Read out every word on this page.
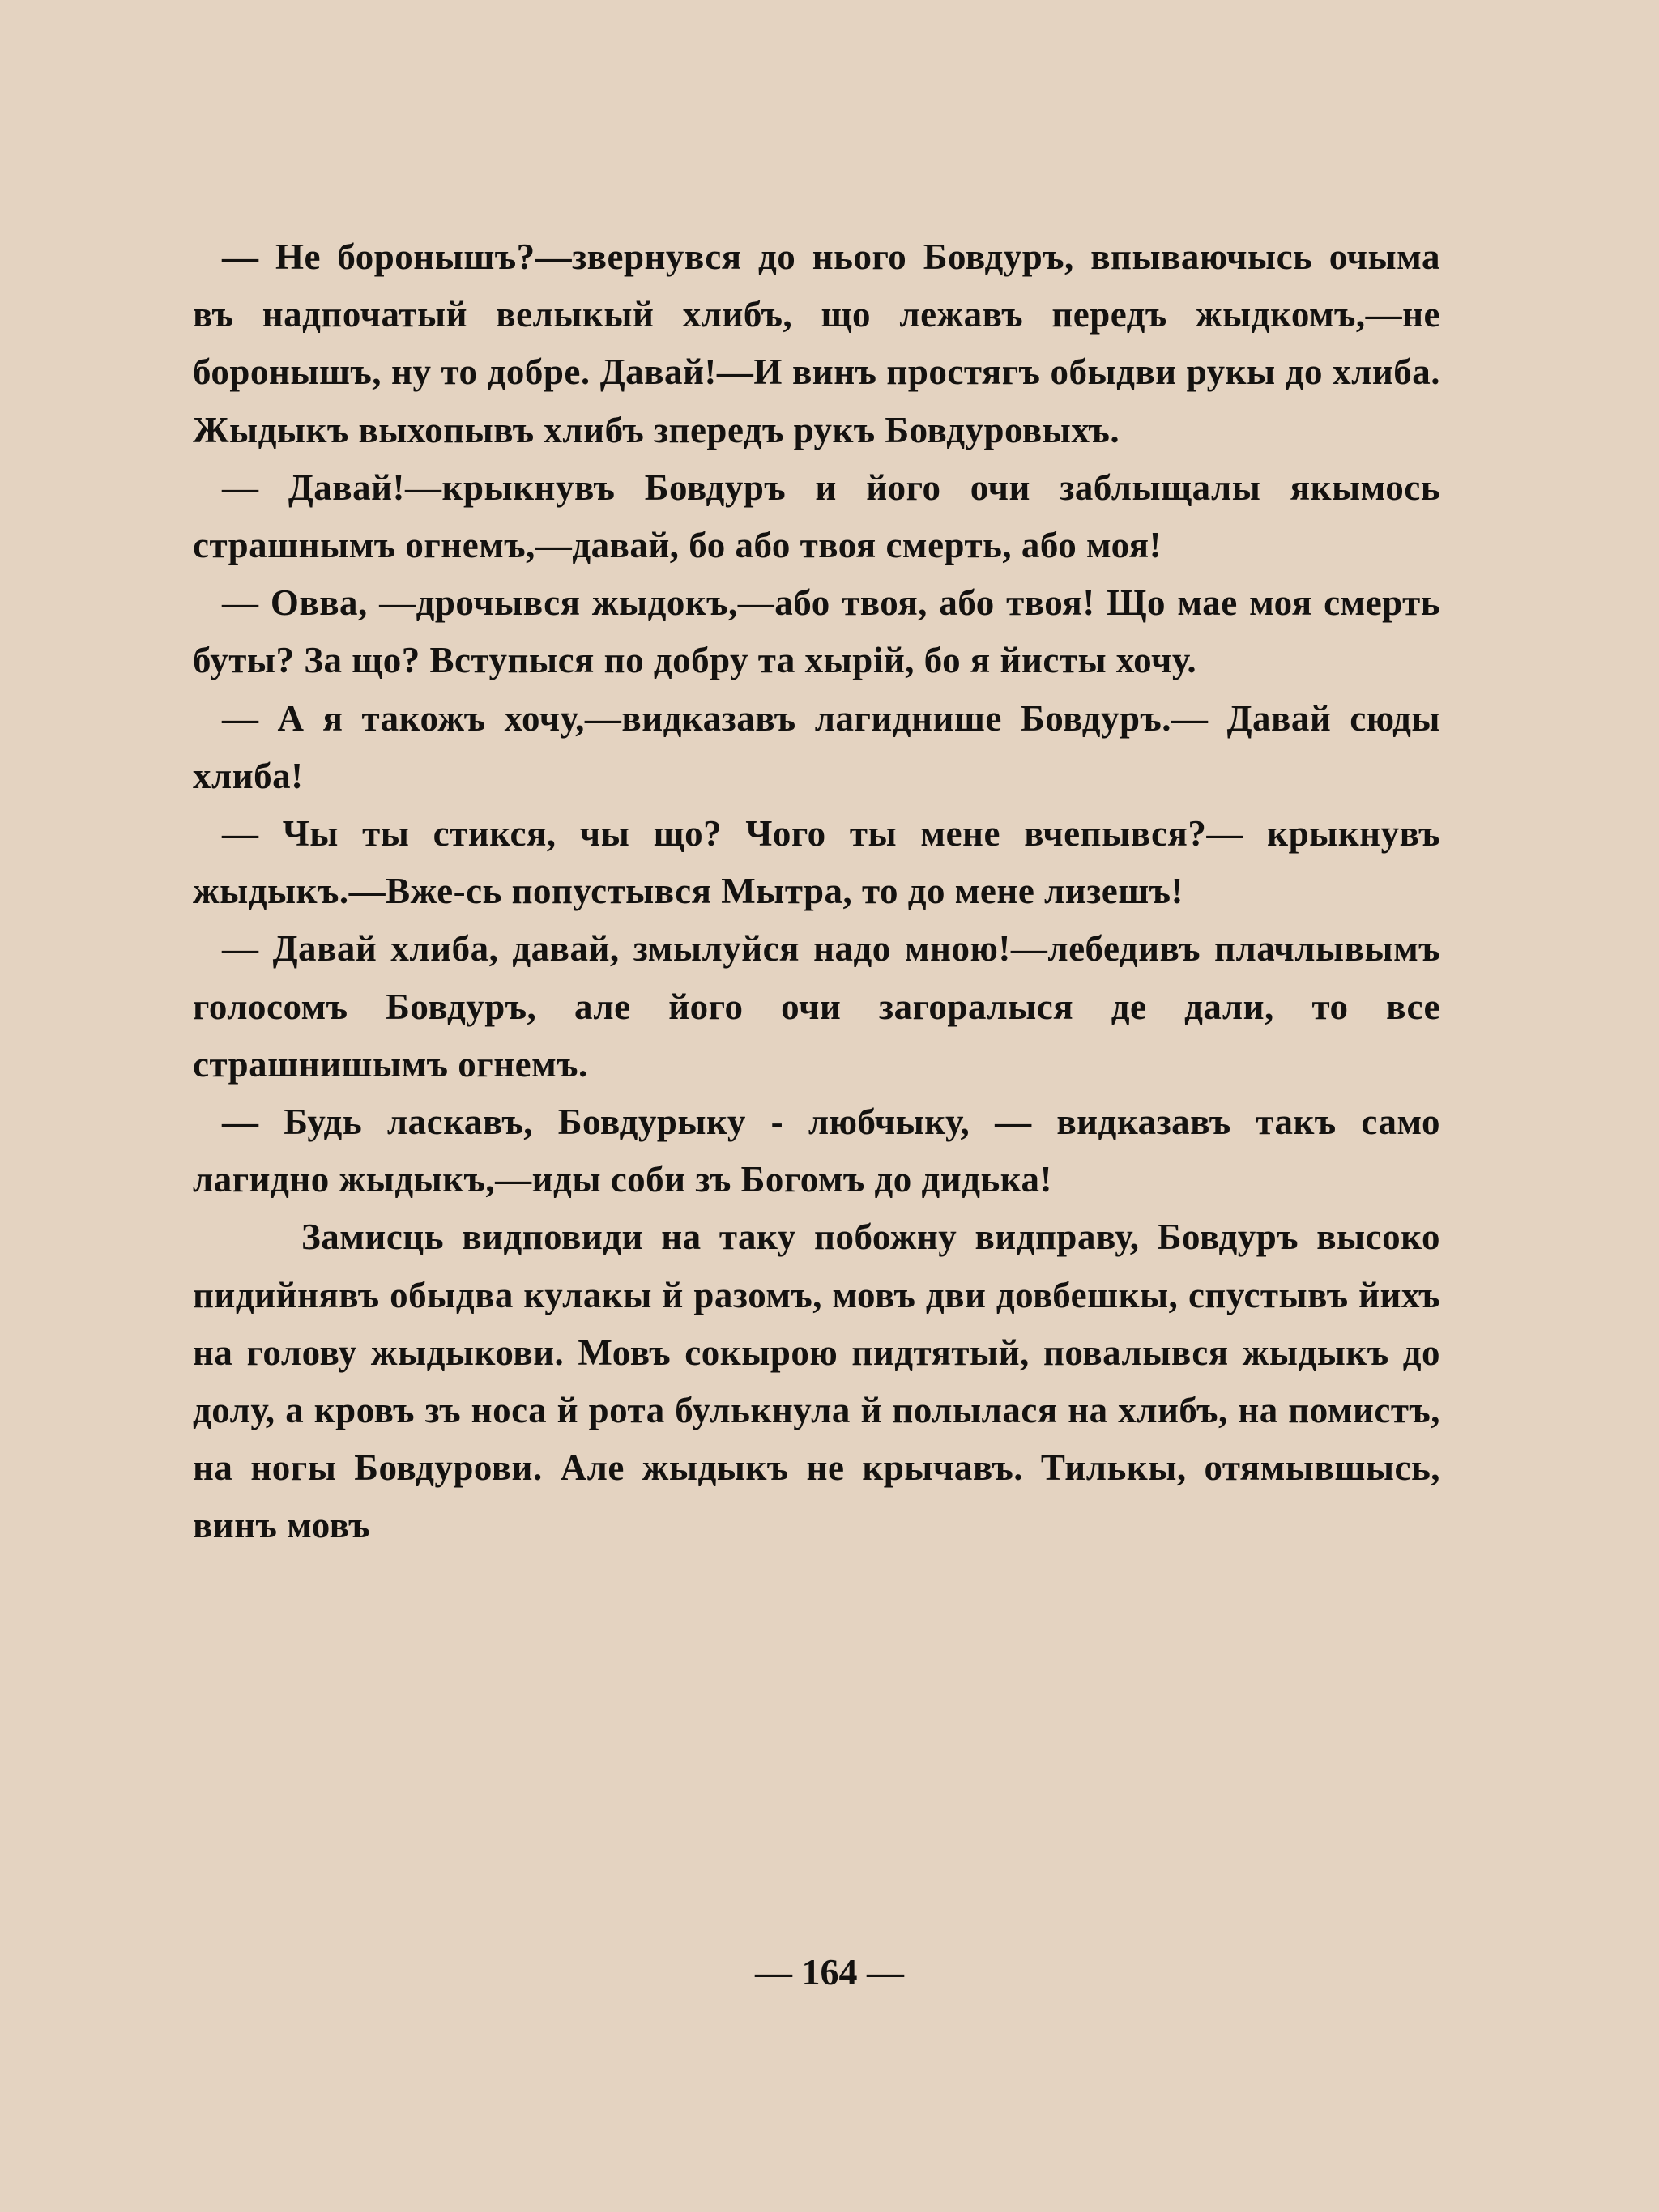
— Не боронышъ?—звернувся до нього Бовдуръ, впываючысь очыма въ надпочатый велыкый хлибъ, що лежавъ передъ жыдкомъ,—не боронышъ, ну то добре. Давай!—И винъ простягъ обыдви рукы до хлиба. Жыдыкъ выхопывъ хлибъ зпередъ рукъ Бовдуровыхъ.

— Давай!—крыкнувъ Бовдуръ и його очи заблыщалы якымось страшнымъ огнемъ,—давай, бо або твоя смерть, або моя!

— Овва, —дрочывся жыдокъ,—або твоя, або твоя! Що мае моя смерть буты? За що? Вступыся по добру та хырій, бо я йисты хочу.

— А я такожъ хочу,—видказавъ лагиднише Бовдуръ.— Давай сюды хлиба!

— Чы ты стикся, чы що? Чого ты мене вчепывся?— крыкнувъ жыдыкъ.—Вже-сь попустывся Мытра, то до мене лизешъ!

— Давай хлиба, давай, змылуйся надо мною!—лебедивъ плачлывымъ голосомъ Бовдуръ, але його очи загоралыся де дали, то все страшнишымъ огнемъ.

— Будь ласкавъ, Бовдурыку - любчыку, — видказавъ такъ само лагидно жыдыкъ,—иды соби зъ Богомъ до дидька!

Замисць видповиди на таку побожну видправу, Бовдуръ высоко пидийнявъ обыдва кулакы й разомъ, мовъ дви довбешкы, спустывъ йихъ на голову жыдыкови. Мовъ сокырою пидтятый, повалывся жыдыкъ до долу, а кровъ зъ носа й рота булькнула й полылася на хлибъ, на помистъ, на ногы Бовдурови. Але жыдыкъ не крычавъ. Тилькы, отямывшысь, винъ мовъ

— 164 —
